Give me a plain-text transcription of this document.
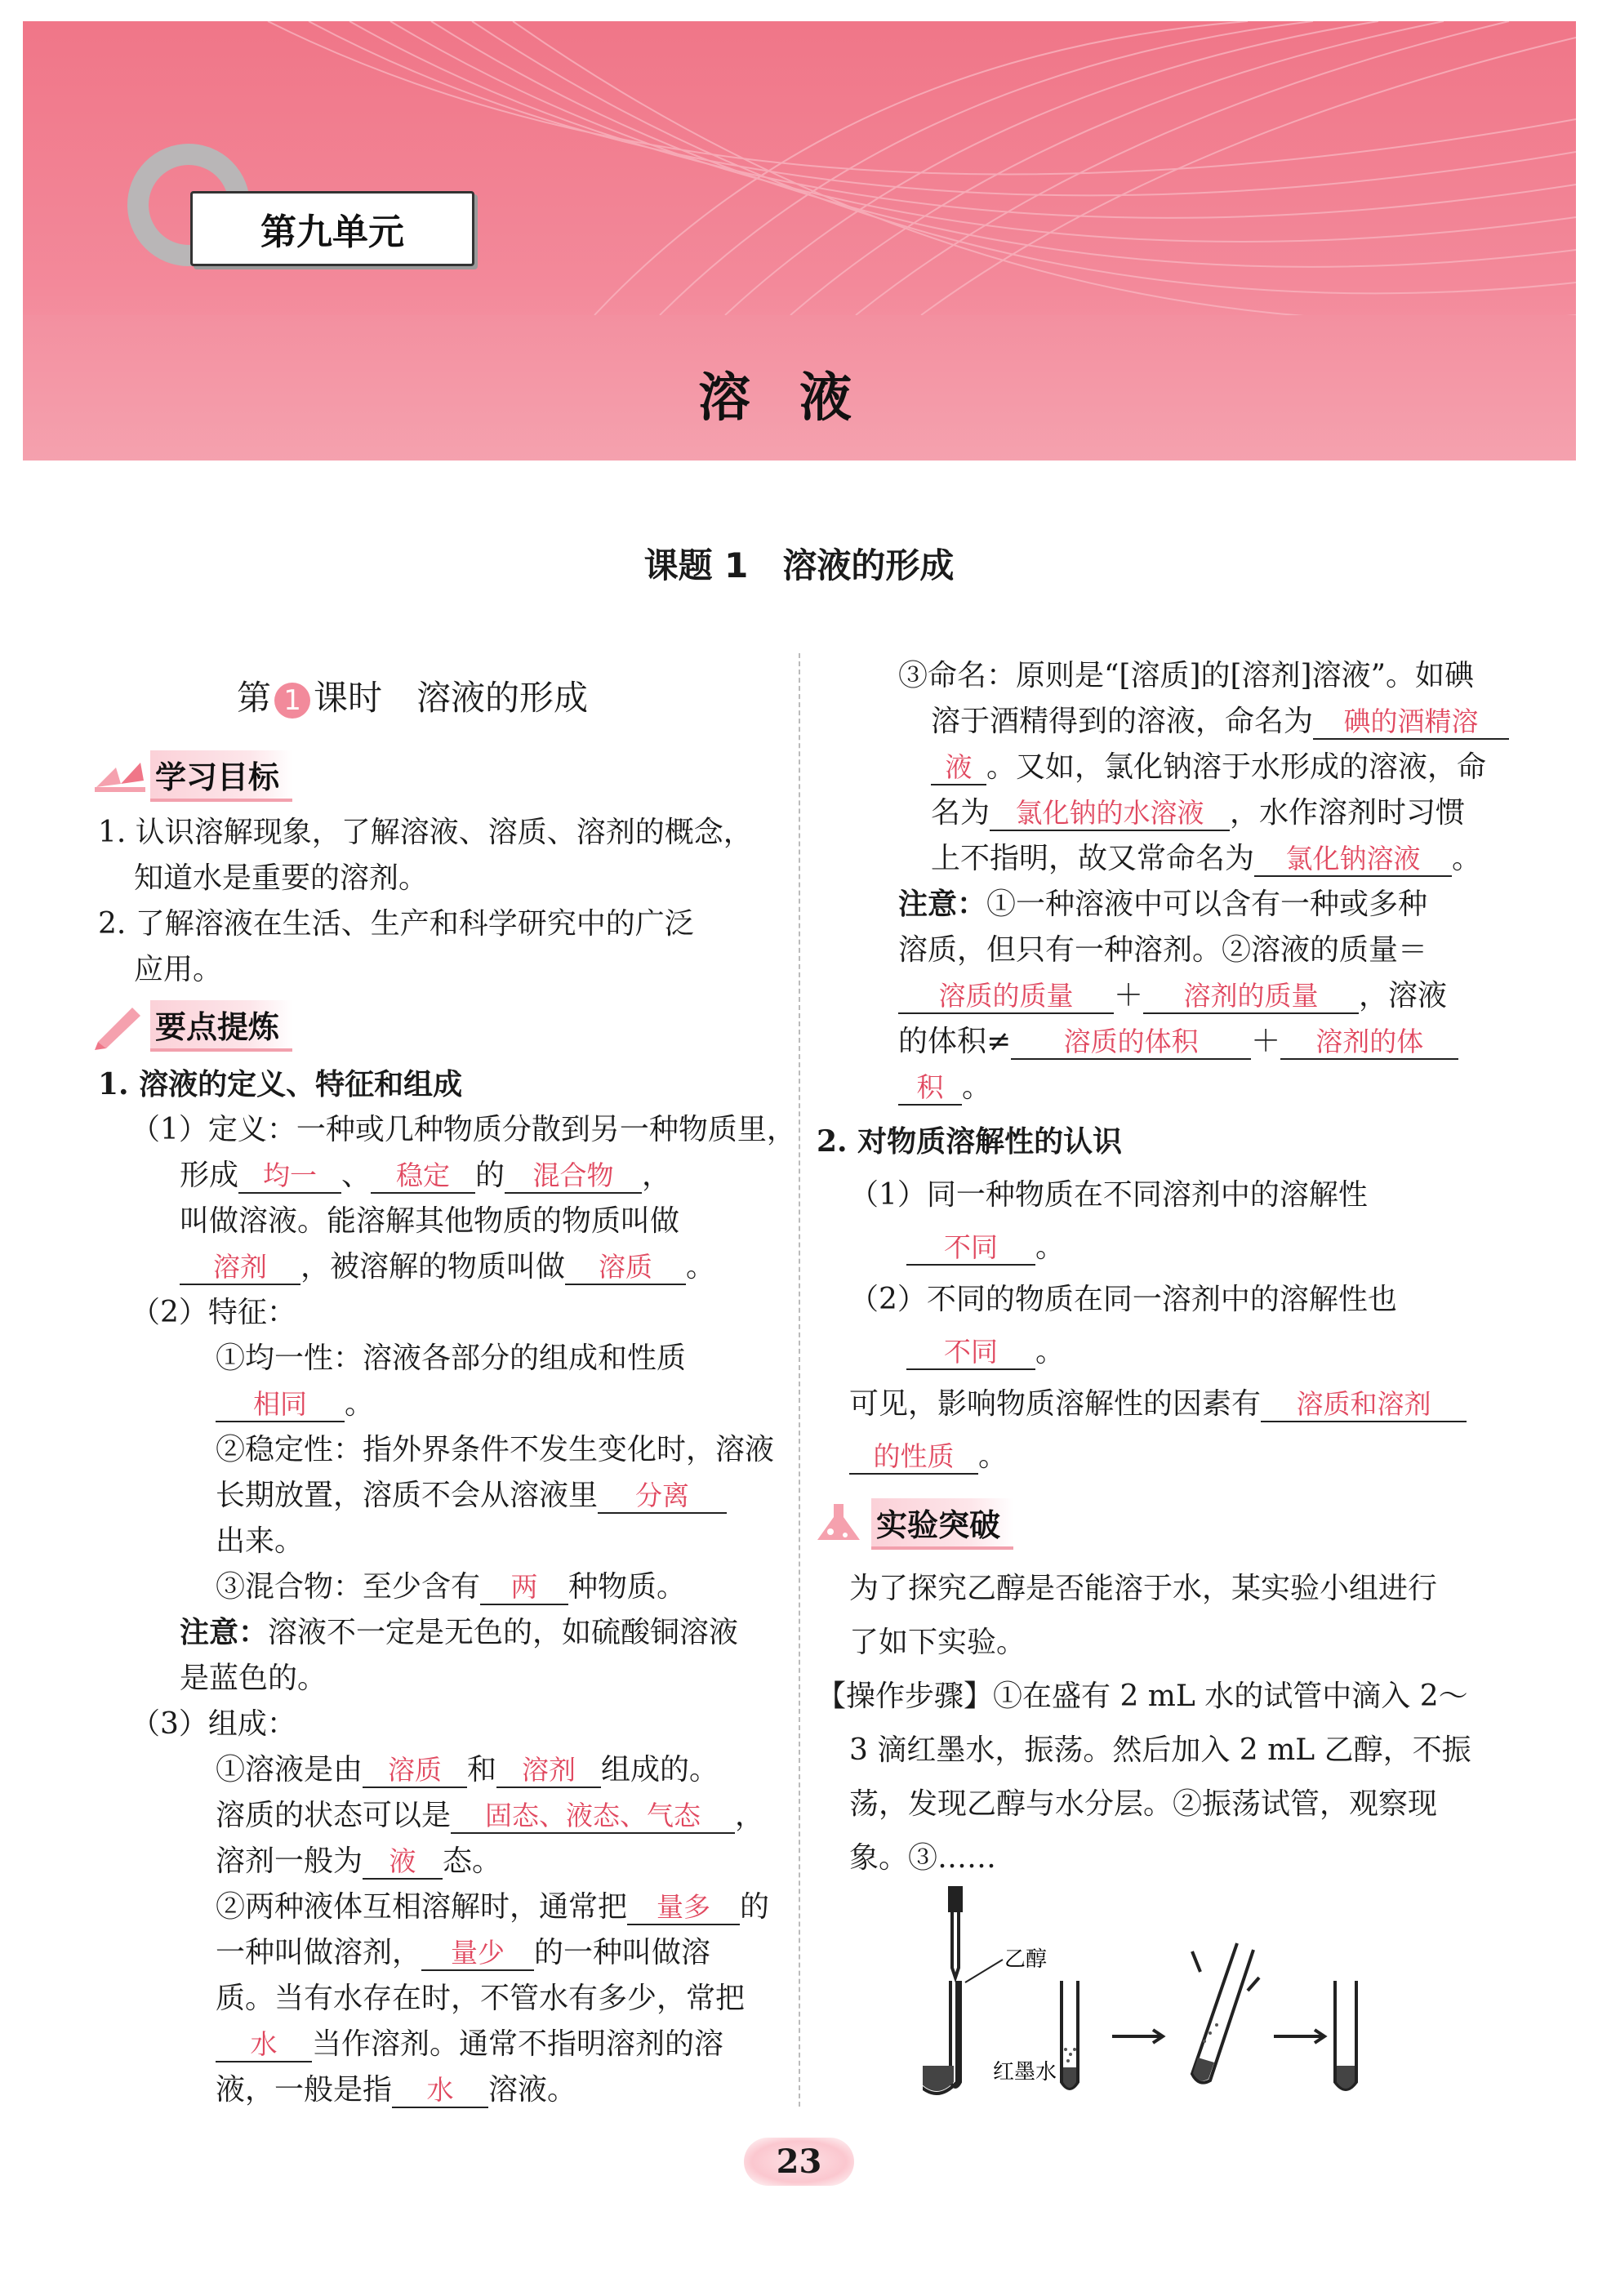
第九单元
溶液
课题 1　溶液的形成
第 1 课时　 溶液的形成
学习目标
1. 认识溶解现象，了解溶液、溶质、溶剂的概念，
知道水是重要的溶剂。
2. 了解溶液在生活、生产和科学研究中的广泛
应用。
要点提炼
1. 溶液的定义、特征和组成
（1）定义：一种或几种物质分散到另一种物质里，
形成 均一 、 稳定 的 混合物 ，
叫做溶液。能溶解其他物质的物质叫做
溶剂 ，被溶解的物质叫做 溶质 。
（2）特征：
①均一性：溶液各部分的组成和性质
相同 。
②稳定性：指外界条件不发生变化时，溶液
长期放置，溶质不会从溶液里 分离
出来。
③混合物：至少含有 两 种物质。
注意：溶液不一定是无色的，如硫酸铜溶液
是蓝色的。
（3）组成：
①溶液是由 溶质 和 溶剂 组成的。
溶质的状态可以是 固态、液态、气态 ，
溶剂一般为 液 态。
②两种液体互相溶解时，通常把 量多 的
一种叫做溶剂， 量少 的一种叫做溶
质。当有水存在时，不管水有多少，常把
水 当作溶剂。通常不指明溶剂的溶
液，一般是指 水 溶液。
③命名：原则是“[溶质]的[溶剂]溶液”。如碘
溶于酒精得到的溶液，命名为 碘的酒精溶
液 。又如，氯化钠溶于水形成的溶液，命
名为 氯化钠的水溶液 ，水作溶剂时习惯
上不指明，故又常命名为 氯化钠溶液 。
注意：①一种溶液中可以含有一种或多种
溶质，但只有一种溶剂。②溶液的质量＝
溶质的质量 ＋ 溶剂的质量 ，溶液
的体积≠ 溶质的体积 ＋ 溶剂的体
积 。
2. 对物质溶解性的认识
（1）同一种物质在不同溶剂中的溶解性
不同 。
（2）不同的物质在同一溶剂中的溶解性也
不同 。
可见，影响物质溶解性的因素有 溶质和溶剂
的性质 。
实验突破
为了探究乙醇是否能溶于水，某实验小组进行
了如下实验。
【操作步骤】①在盛有 2 mL 水的试管中滴入 2～
3 滴红墨水，振荡。然后加入 2 mL 乙醇，不振
荡，发现乙醇与水分层。②振荡试管，观察现
象。③……
乙醇
红墨水
23
